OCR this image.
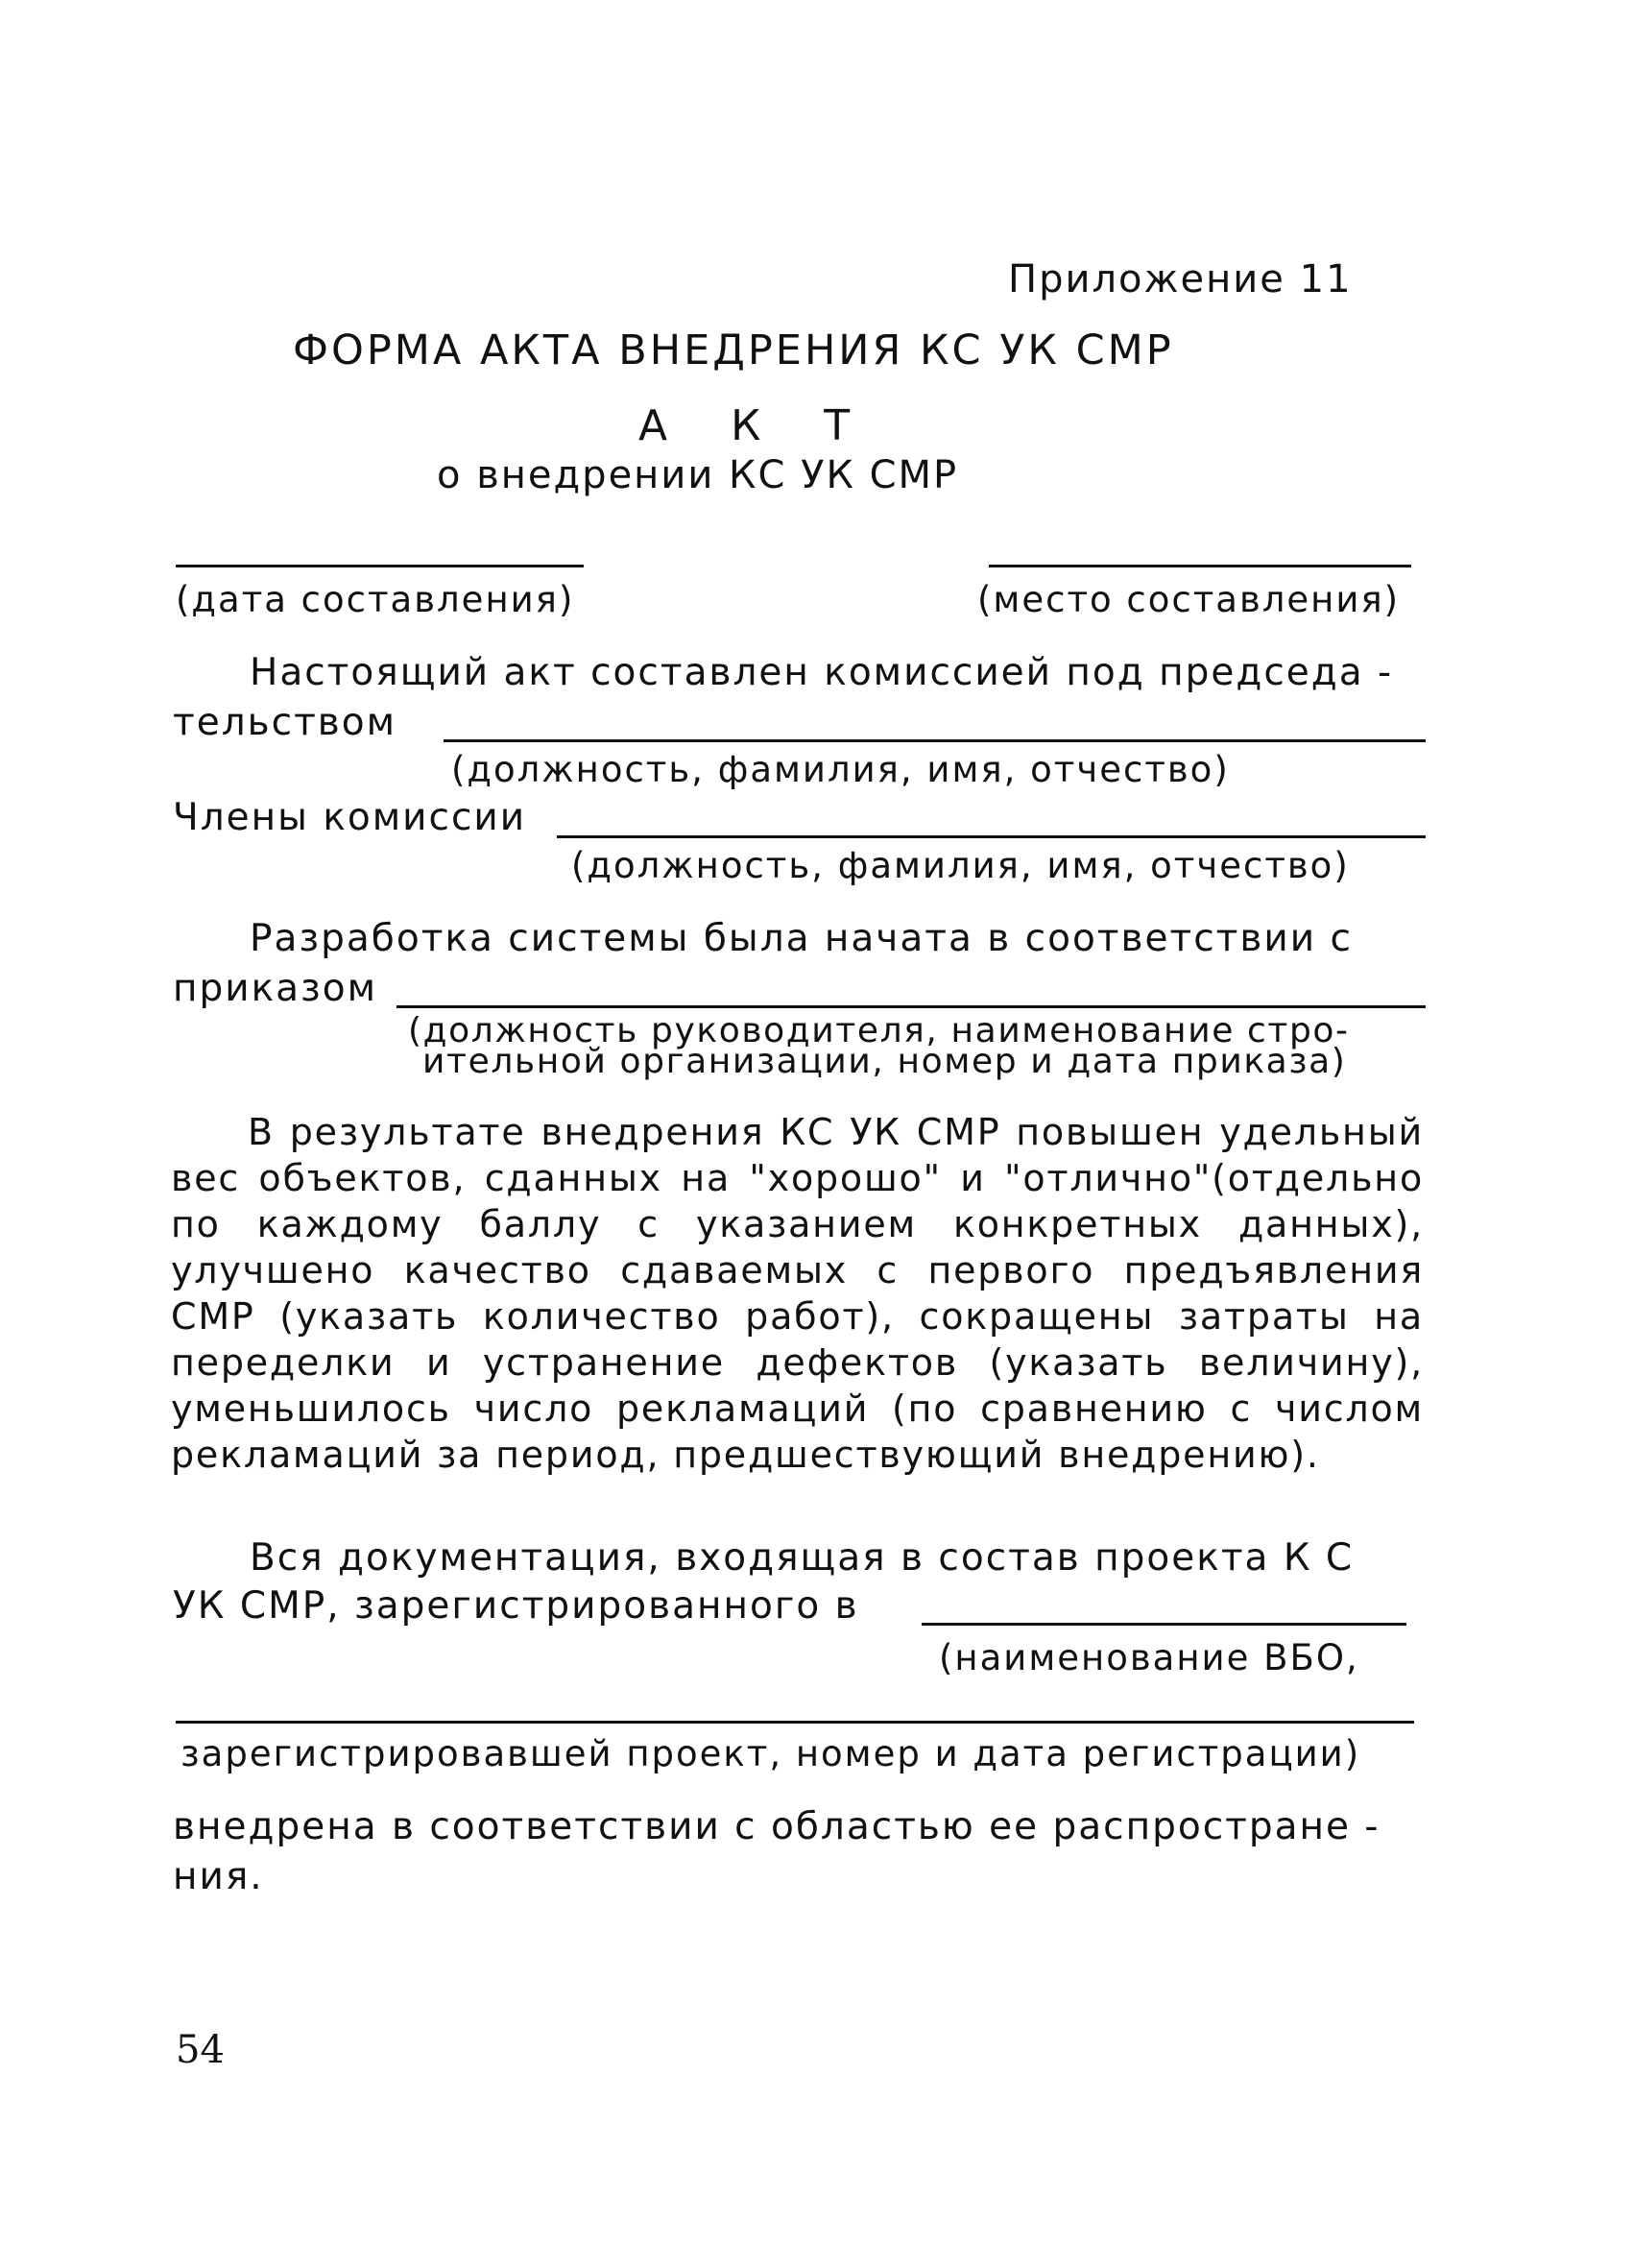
Приложение 11
ФОРМА АКТА ВНЕДРЕНИЯ КС УК СМР
А К Т
о внедрении КС УК СМР
(дата составления)	(место составления)
Настоящий акт составлен комиссией под председа -
тельством
(должность, фамилия, имя, отчество)
Члены комиссии
(должность, фамилия, имя, отчество)
Разработка системы была начата в соответствии с
приказом
(должность руководителя, наименование стро-
ительной организации, номер и дата приказа)
В результате внедрения КС УК СМР повышен удельный вес объектов, сданных на "хорошо" и "отлично"(отдельно по каждому баллу с указанием конкретных данных), улучшено качество сдаваемых с первого предъявления СМР (указать количество работ), сокращены затраты на переделки и устранение дефектов (указать величину), уменьшилось число рекламаций (по сравнению с числом рекламаций за период, предшествующий внедрению).
Вся документация, входящая в состав проекта К С
УК СМР, зарегистрированного в
(наименование ВБО,
зарегистрировавшей проект, номер и дата регистрации)
внедрена в соответствии с областью ее распростране -
ния.
54
